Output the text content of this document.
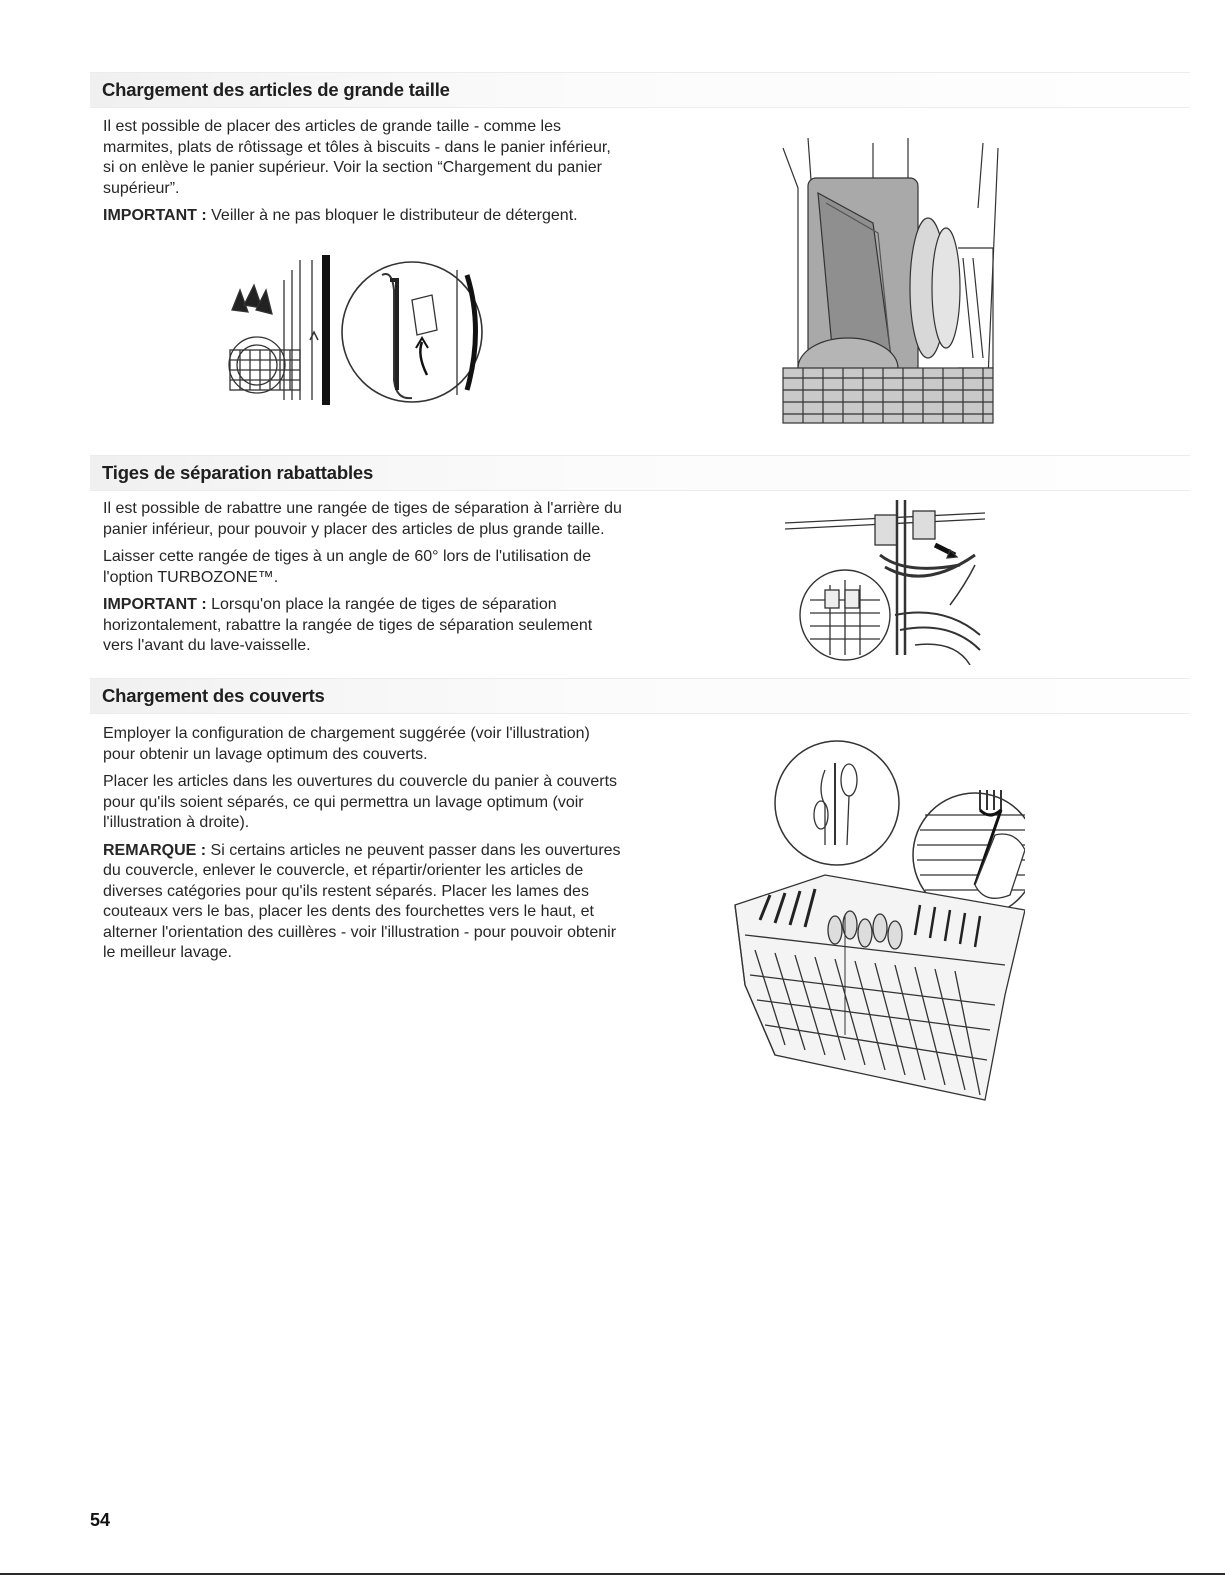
Chargement des articles de grande taille

Il est possible de placer des articles de grande taille - comme les marmites, plats de rôtissage et tôles à biscuits - dans le panier inférieur, si on enlève le panier supérieur. Voir la section “Chargement du panier supérieur”.

IMPORTANT : Veiller à ne pas bloquer le distributeur de détergent.

Tiges de séparation rabattables

Il est possible de rabattre une rangée de tiges de séparation à l'arrière du panier inférieur, pour pouvoir y placer des articles de plus grande taille.

Laisser cette rangée de tiges à un angle de 60° lors de l'utilisation de l'option TURBOZONE™.

IMPORTANT : Lorsqu'on place la rangée de tiges de séparation horizontalement, rabattre la rangée de tiges de séparation seulement vers l'avant du lave-vaisselle.

Chargement des couverts

Employer la configuration de chargement suggérée (voir l'illustration) pour obtenir un lavage optimum des couverts.

Placer les articles dans les ouvertures du couvercle du panier à couverts pour qu'ils soient séparés, ce qui permettra un lavage optimum (voir l'illustration à droite).

REMARQUE : Si certains articles ne peuvent passer dans les ouvertures du couvercle, enlever le couvercle, et répartir/orienter les articles de diverses catégories pour qu'ils restent séparés. Placer les lames des couteaux vers le bas, placer les dents des fourchettes vers le haut, et alterner l'orientation des cuillères - voir l'illustration - pour pouvoir obtenir le meilleur lavage.

54
